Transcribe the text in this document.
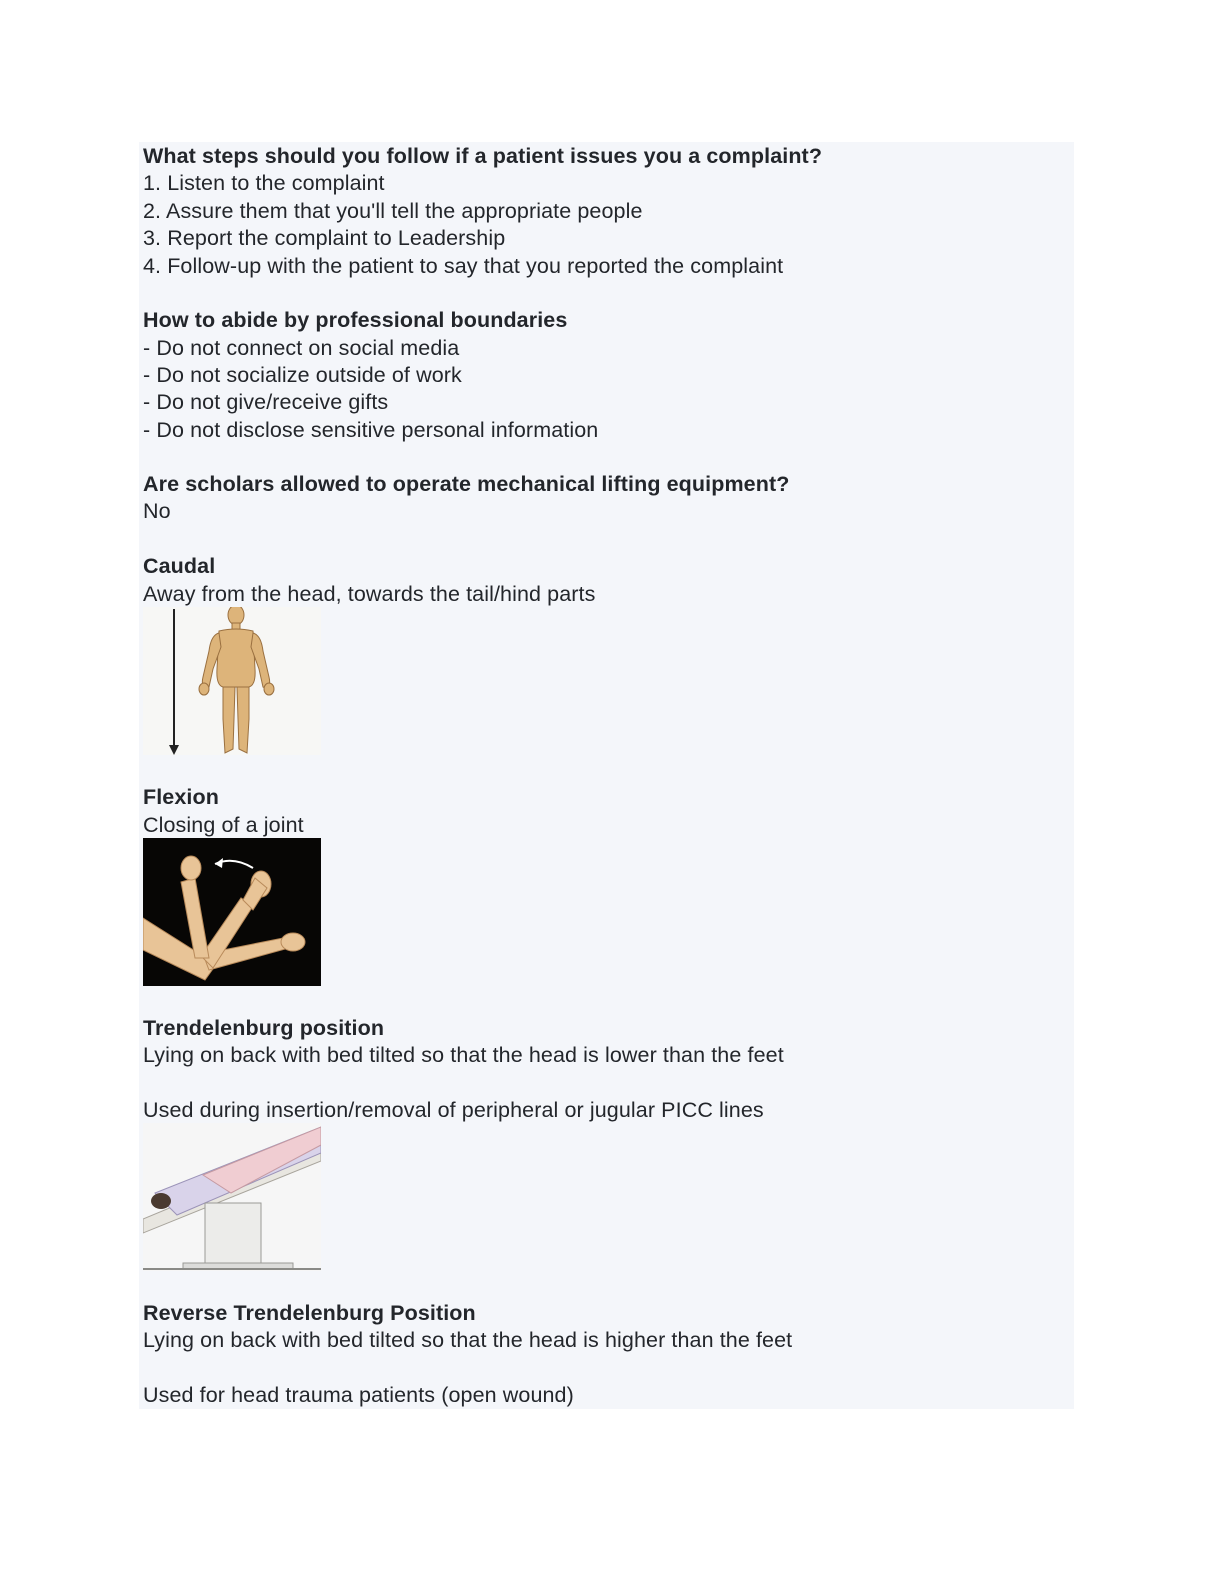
What steps should you follow if a patient issues you a complaint?
1. Listen to the complaint
2. Assure them that you'll tell the appropriate people
3. Report the complaint to Leadership
4. Follow-up with the patient to say that you reported the complaint
How to abide by professional boundaries
- Do not connect on social media
- Do not socialize outside of work
- Do not give/receive gifts
- Do not disclose sensitive personal information
Are scholars allowed to operate mechanical lifting equipment?
No
Caudal
Away from the head, towards the tail/hind parts
Flexion
Closing of a joint
Trendelenburg position
Lying on back with bed tilted so that the head is lower than the feet
Used during insertion/removal of peripheral or jugular PICC lines
Reverse Trendelenburg Position
Lying on back with bed tilted so that the head is higher than the feet
Used for head trauma patients (open wound)
